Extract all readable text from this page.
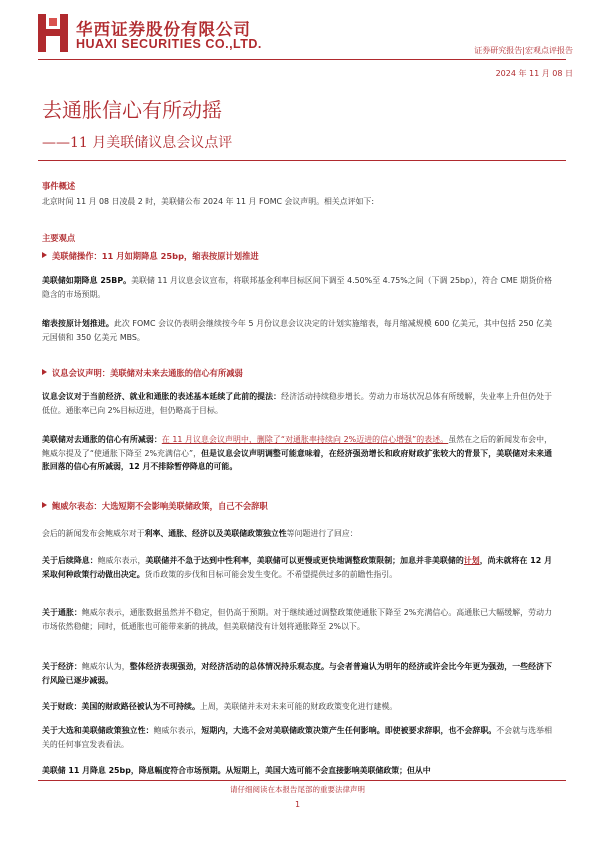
华西证券股份有限公司
HUAXI SECURITIES CO.,LTD.	证券研究报告|宏观点评报告
2024 年 11 月 08 日
去通胀信心有所动摇
——11 月美联储议息会议点评
事件概述
北京时间 11 月 08 日凌晨 2 时，美联储公布 2024 年 11 月 FOMC 会议声明。相关点评如下:
主要观点
美联储操作：11 月如期降息 25bp，缩表按原计划推进
美联储如期降息 25BP。美联储 11 月议息会议宣布，将联邦基金利率目标区间下调至 4.50%至 4.75%之间（下调 25bp），符合 CME 期货价格隐含的市场预期。
缩表按原计划推进。此次 FOMC 会议仍表明会继续按今年 5 月份议息会议决定的计划实施缩表，每月缩减规模 600 亿美元，其中包括 250 亿美元国债和 350 亿美元 MBS。
议息会议声明：美联储对未来去通胀的信心有所减弱
议息会议对于当前经济、就业和通胀的表述基本延续了此前的提法：经济活动持续稳步增长。劳动力市场状况总体有所缓解，失业率上升但仍处于低位。通胀率已向 2%目标迈进，但仍略高于目标。
美联储对去通胀的信心有所减弱：在 11 月议息会议声明中，删除了“对通胀率持续向 2%迈进的信心增强”的表述。虽然在之后的新闻发布会中，鲍威尔提及了“使通胀下降至 2%充满信心”，但是议息会议声明调整可能意味着，在经济强劲增长和政府财政扩张较大的背景下，美联储对未来通胀回落的信心有所减弱，12 月不排除暂停降息的可能。
鲍威尔表态：大选短期不会影响美联储政策，自己不会辞职
会后的新闻发布会鲍威尔对于利率、通胀、经济以及美联储政策独立性等问题进行了回应：
关于后续降息：鲍威尔表示，美联储并不急于达到中性利率，美联储可以更慢或更快地调整政策限制；加息并非美联储的计划，尚未就将在 12 月采取何种政策行动做出决定。货币政策的步伐和目标可能会发生变化。不希望提供过多的前瞻性指引。
关于通胀：鲍威尔表示，通胀数据虽然并不稳定，但仍高于预期。对于继续通过调整政策使通胀下降至 2%充满信心。高通胀已大幅缓解，劳动力市场依然稳健；同时，低通胀也可能带来新的挑战，但美联储没有计划将通胀降至 2%以下。
关于经济：鲍威尔认为，整体经济表现强劲，对经济活动的总体情况持乐观态度。与会者普遍认为明年的经济或许会比今年更为强劲，一些经济下行风险已逐步减弱。
关于财政：美国的财政路径被认为不可持续。上周，美联储并未对未来可能的财政政策变化进行建模。
关于大选和美联储政策独立性：鲍威尔表示，短期内，大选不会对美联储政策决策产生任何影响。即使被要求辞职，也不会辞职。不会就与选举相关的任何事宜发表看法。
美联储 11 月降息 25bp，降息幅度符合市场预期。从短期上，美国大选可能不会直接影响美联储政策；但从中
请仔细阅读在本报告尾部的重要法律声明
1
